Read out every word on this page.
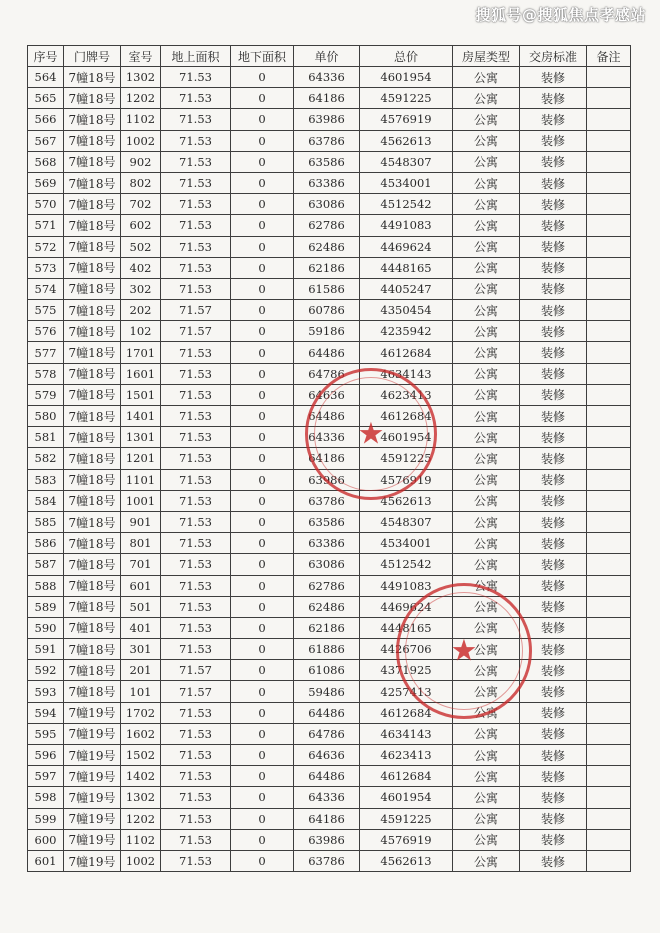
搜狐号@搜狐焦点孝感站
序号	门牌号	室号	地上面积	地下面积	单价	总价	房屋类型	交房标准	备注
564	7幢18号	1302	71.53	0	64336	4601954	公寓	装修	
565	7幢18号	1202	71.53	0	64186	4591225	公寓	装修	
566	7幢18号	1102	71.53	0	63986	4576919	公寓	装修	
567	7幢18号	1002	71.53	0	63786	4562613	公寓	装修	
568	7幢18号	902	71.53	0	63586	4548307	公寓	装修	
569	7幢18号	802	71.53	0	63386	4534001	公寓	装修	
570	7幢18号	702	71.53	0	63086	4512542	公寓	装修	
571	7幢18号	602	71.53	0	62786	4491083	公寓	装修	
572	7幢18号	502	71.53	0	62486	4469624	公寓	装修	
573	7幢18号	402	71.53	0	62186	4448165	公寓	装修	
574	7幢18号	302	71.53	0	61586	4405247	公寓	装修	
575	7幢18号	202	71.57	0	60786	4350454	公寓	装修	
576	7幢18号	102	71.57	0	59186	4235942	公寓	装修	
577	7幢18号	1701	71.53	0	64486	4612684	公寓	装修	
578	7幢18号	1601	71.53	0	64786	4634143	公寓	装修	
579	7幢18号	1501	71.53	0	64636	4623413	公寓	装修	
580	7幢18号	1401	71.53	0	64486	4612684	公寓	装修	
581	7幢18号	1301	71.53	0	64336	4601954	公寓	装修	
582	7幢18号	1201	71.53	0	64186	4591225	公寓	装修	
583	7幢18号	1101	71.53	0	63986	4576919	公寓	装修	
584	7幢18号	1001	71.53	0	63786	4562613	公寓	装修	
585	7幢18号	901	71.53	0	63586	4548307	公寓	装修	
586	7幢18号	801	71.53	0	63386	4534001	公寓	装修	
587	7幢18号	701	71.53	0	63086	4512542	公寓	装修	
588	7幢18号	601	71.53	0	62786	4491083	公寓	装修	
589	7幢18号	501	71.53	0	62486	4469624	公寓	装修	
590	7幢18号	401	71.53	0	62186	4448165	公寓	装修	
591	7幢18号	301	71.53	0	61886	4426706	公寓	装修	
592	7幢18号	201	71.57	0	61086	4371925	公寓	装修	
593	7幢18号	101	71.57	0	59486	4257413	公寓	装修	
594	7幢19号	1702	71.53	0	64486	4612684	公寓	装修	
595	7幢19号	1602	71.53	0	64786	4634143	公寓	装修	
596	7幢19号	1502	71.53	0	64636	4623413	公寓	装修	
597	7幢19号	1402	71.53	0	64486	4612684	公寓	装修	
598	7幢19号	1302	71.53	0	64336	4601954	公寓	装修	
599	7幢19号	1202	71.53	0	64186	4591225	公寓	装修	
600	7幢19号	1102	71.53	0	63986	4576919	公寓	装修	
601	7幢19号	1002	71.53	0	63786	4562613	公寓	装修	
★
★
